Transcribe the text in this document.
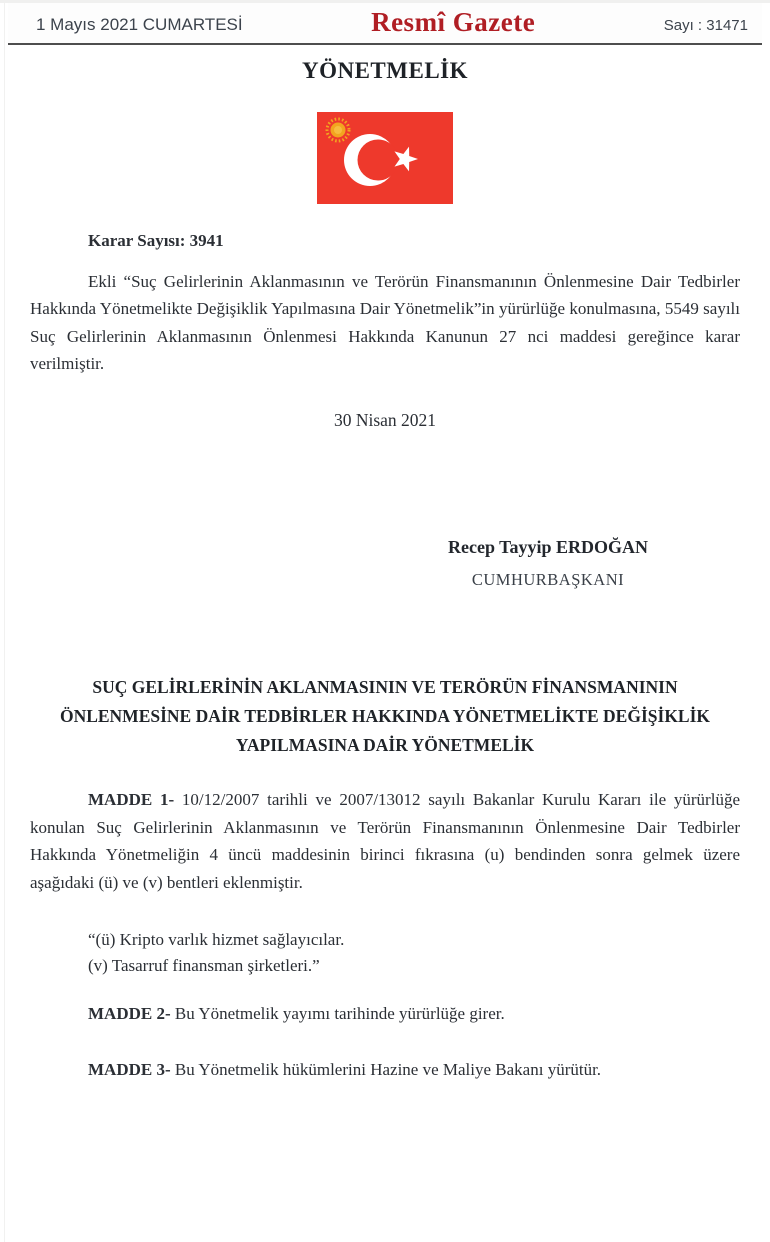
1 Mayıs 2021 CUMARTESİ	Resmî Gazete	Sayı : 31471
YÖNETMELİK

Karar Sayısı: 3941

Ekli “Suç Gelirlerinin Aklanmasının ve Terörün Finansmanının Önlenmesine Dair Tedbirler Hakkında Yönetmelikte Değişiklik Yapılmasına Dair Yönetmelik”in yürürlüğe konulmasına, 5549 sayılı Suç Gelirlerinin Aklanmasının Önlenmesi Hakkında Kanunun 27 nci maddesi gereğince karar verilmiştir.

30 Nisan 2021

Recep Tayyip ERDOĞAN
CUMHURBAŞKANI
SUÇ GELİRLERİNİN AKLANMASININ VE TERÖRÜN FİNANSMANININ ÖNLENMESİNE DAİR TEDBİRLER HAKKINDA YÖNETMELİKTE DEĞİŞİKLİK YAPILMASINA DAİR YÖNETMELİK

MADDE 1- 10/12/2007 tarihli ve 2007/13012 sayılı Bakanlar Kurulu Kararı ile yürürlüğe konulan Suç Gelirlerinin Aklanmasının ve Terörün Finansmanının Önlenmesine Dair Tedbirler Hakkında Yönetmeliğin 4 üncü maddesinin birinci fıkrasına (u) bendinden sonra gelmek üzere aşağıdaki (ü) ve (v) bentleri eklenmiştir.

“(ü) Kripto varlık hizmet sağlayıcılar.
(v) Tasarruf finansman şirketleri.”

MADDE 2- Bu Yönetmelik yayımı tarihinde yürürlüğe girer.

MADDE 3- Bu Yönetmelik hükümlerini Hazine ve Maliye Bakanı yürütür.
